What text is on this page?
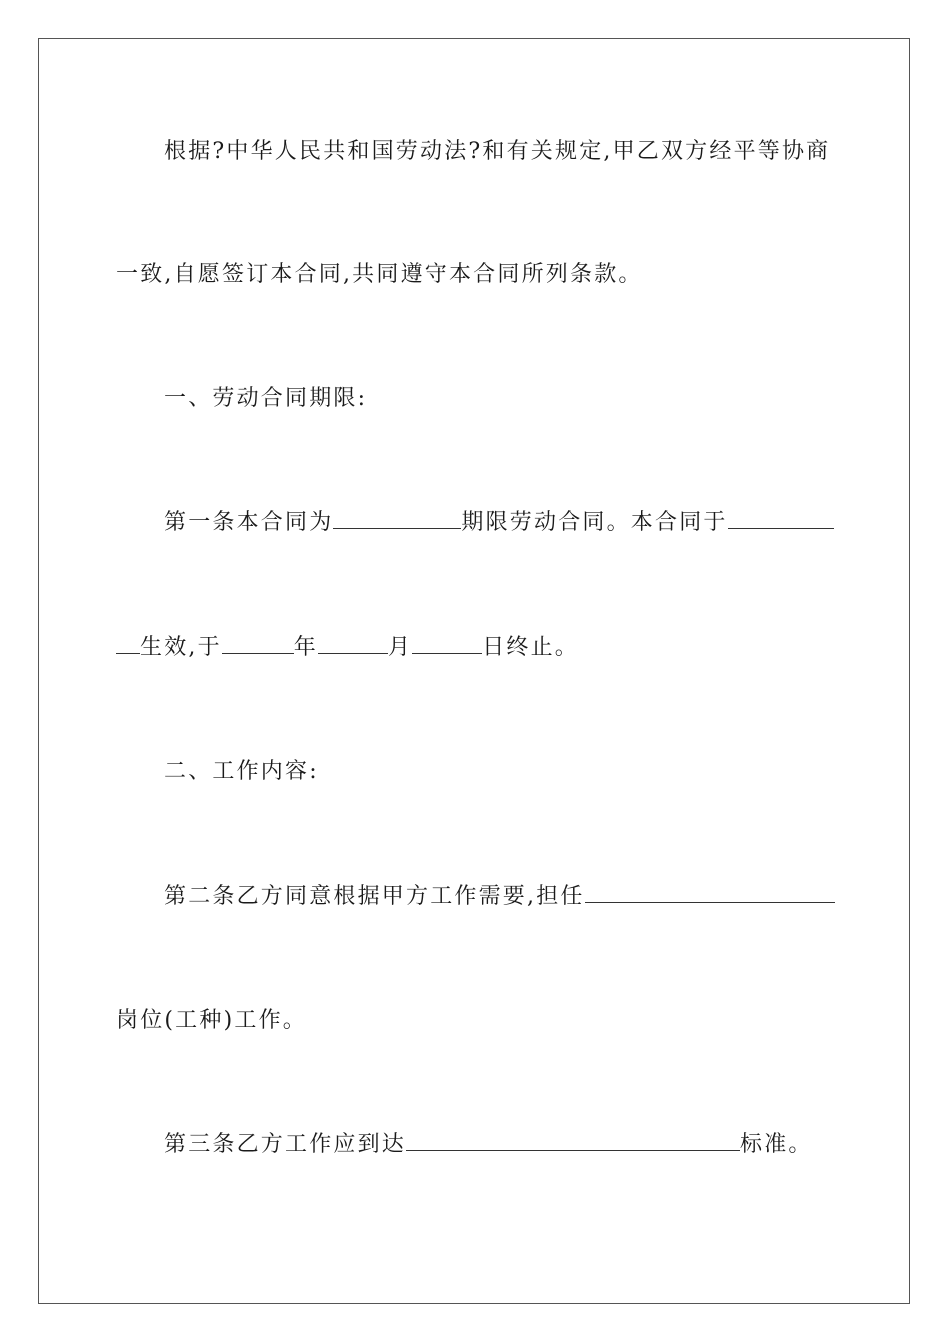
根据?中华人民共和国劳动法?和有关规定,甲乙双方经平等协商
一致,自愿签订本合同,共同遵守本合同所列条款。
一、劳动合同期限:
第一条本合同为	期限劳动合同。本合同于
生效,于	年	月	日终止。
二、工作内容:
第二条乙方同意根据甲方工作需要,担任
岗位(工种)工作。
第三条乙方工作应到达	标准。
